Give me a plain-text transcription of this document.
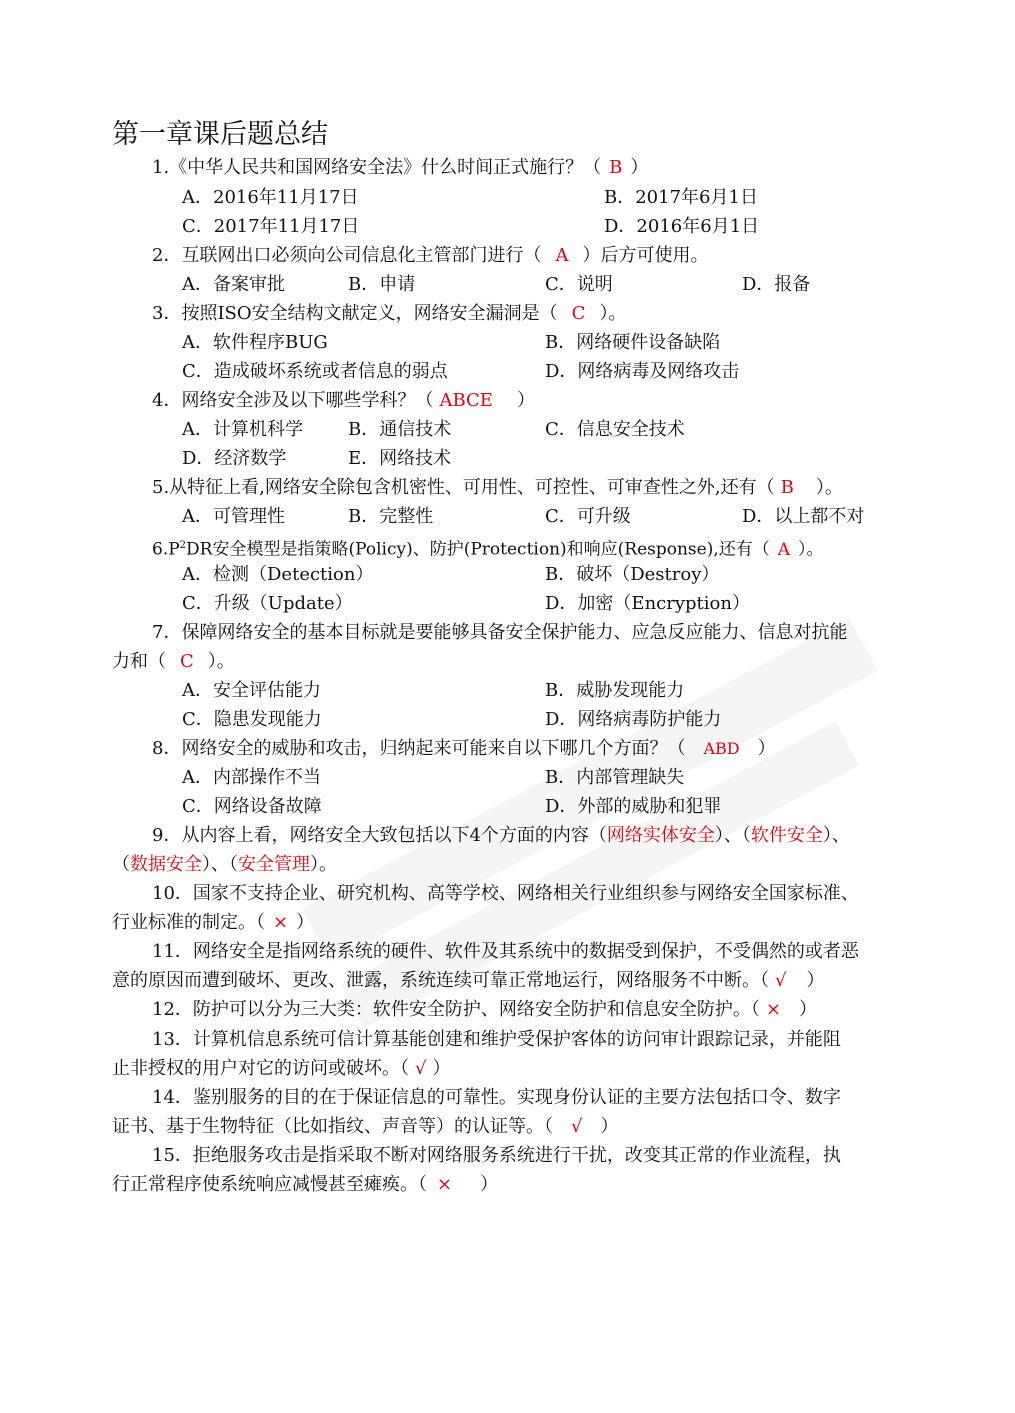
第一章课后题总结
1.《中华人民共和国网络安全法》什么时间正式施行？（ B ）
A．2016年11月17日	B．2017年6月1日
C．2017年11月17日	D．2016年6月1日
2．互联网出口必须向公司信息化主管部门进行（ A ）后方可使用。
A．备案审批	B．申请	C．说明	D．报备
3．按照ISO安全结构文献定义，网络安全漏洞是（ C ）。
A．软件程序BUG	B．网络硬件设备缺陷
C．造成破坏系统或者信息的弱点	D．网络病毒及网络攻击
4．网络安全涉及以下哪些学科？（ ABCE ）
A．计算机科学	B．通信技术	C．信息安全技术
D．经济数学	E．网络技术
5.从特征上看,网络安全除包含机密性、可用性、可控性、可审查性之外,还有（ B ）。
A．可管理性	B．完整性	C．可升级	D．以上都不对
$6.P^2DR$安全模型是指策略(Policy)、防护(Protection)和响应(Response),还有（ A ）。
A．检测（Detection）	B．破坏（Destroy）
C．升级（Update）	D．加密（Encryption）
7．保障网络安全的基本目标就是要能够具备安全保护能力、应急反应能力、信息对抗能
力和（ C ）。
A．安全评估能力	B．威胁发现能力
C．隐患发现能力	D．网络病毒防护能力
8．网络安全的威胁和攻击，归纳起来可能来自以下哪几个方面？（ ABD ）
A．内部操作不当	B．内部管理缺失
C．网络设备故障	D．外部的威胁和犯罪
9．从内容上看，网络安全大致包括以下4个方面的内容（网络实体安全）、（软件安全）、
（数据安全）、（安全管理）。
10．国家不支持企业、研究机构、高等学校、网络相关行业组织参与网络安全国家标准、
行业标准的制定。（ × ）
11．网络安全是指网络系统的硬件、软件及其系统中的数据受到保护，不受偶然的或者恶
意的原因而遭到破坏、更改、泄露，系统连续可靠正常地运行，网络服务不中断。（ √ ）
12．防护可以分为三大类：软件安全防护、网络安全防护和信息安全防护。（ × ）
13．计算机信息系统可信计算基能创建和维护受保护客体的访问审计跟踪记录，并能阻
止非授权的用户对它的访问或破坏。（ √ ）
14．鉴别服务的目的在于保证信息的可靠性。实现身份认证的主要方法包括口令、数字
证书、基于生物特征（比如指纹、声音等）的认证等。（ √ ）
15．拒绝服务攻击是指采取不断对网络服务系统进行干扰，改变其正常的作业流程，执
行正常程序使系统响应减慢甚至瘫痪。（ × ）
